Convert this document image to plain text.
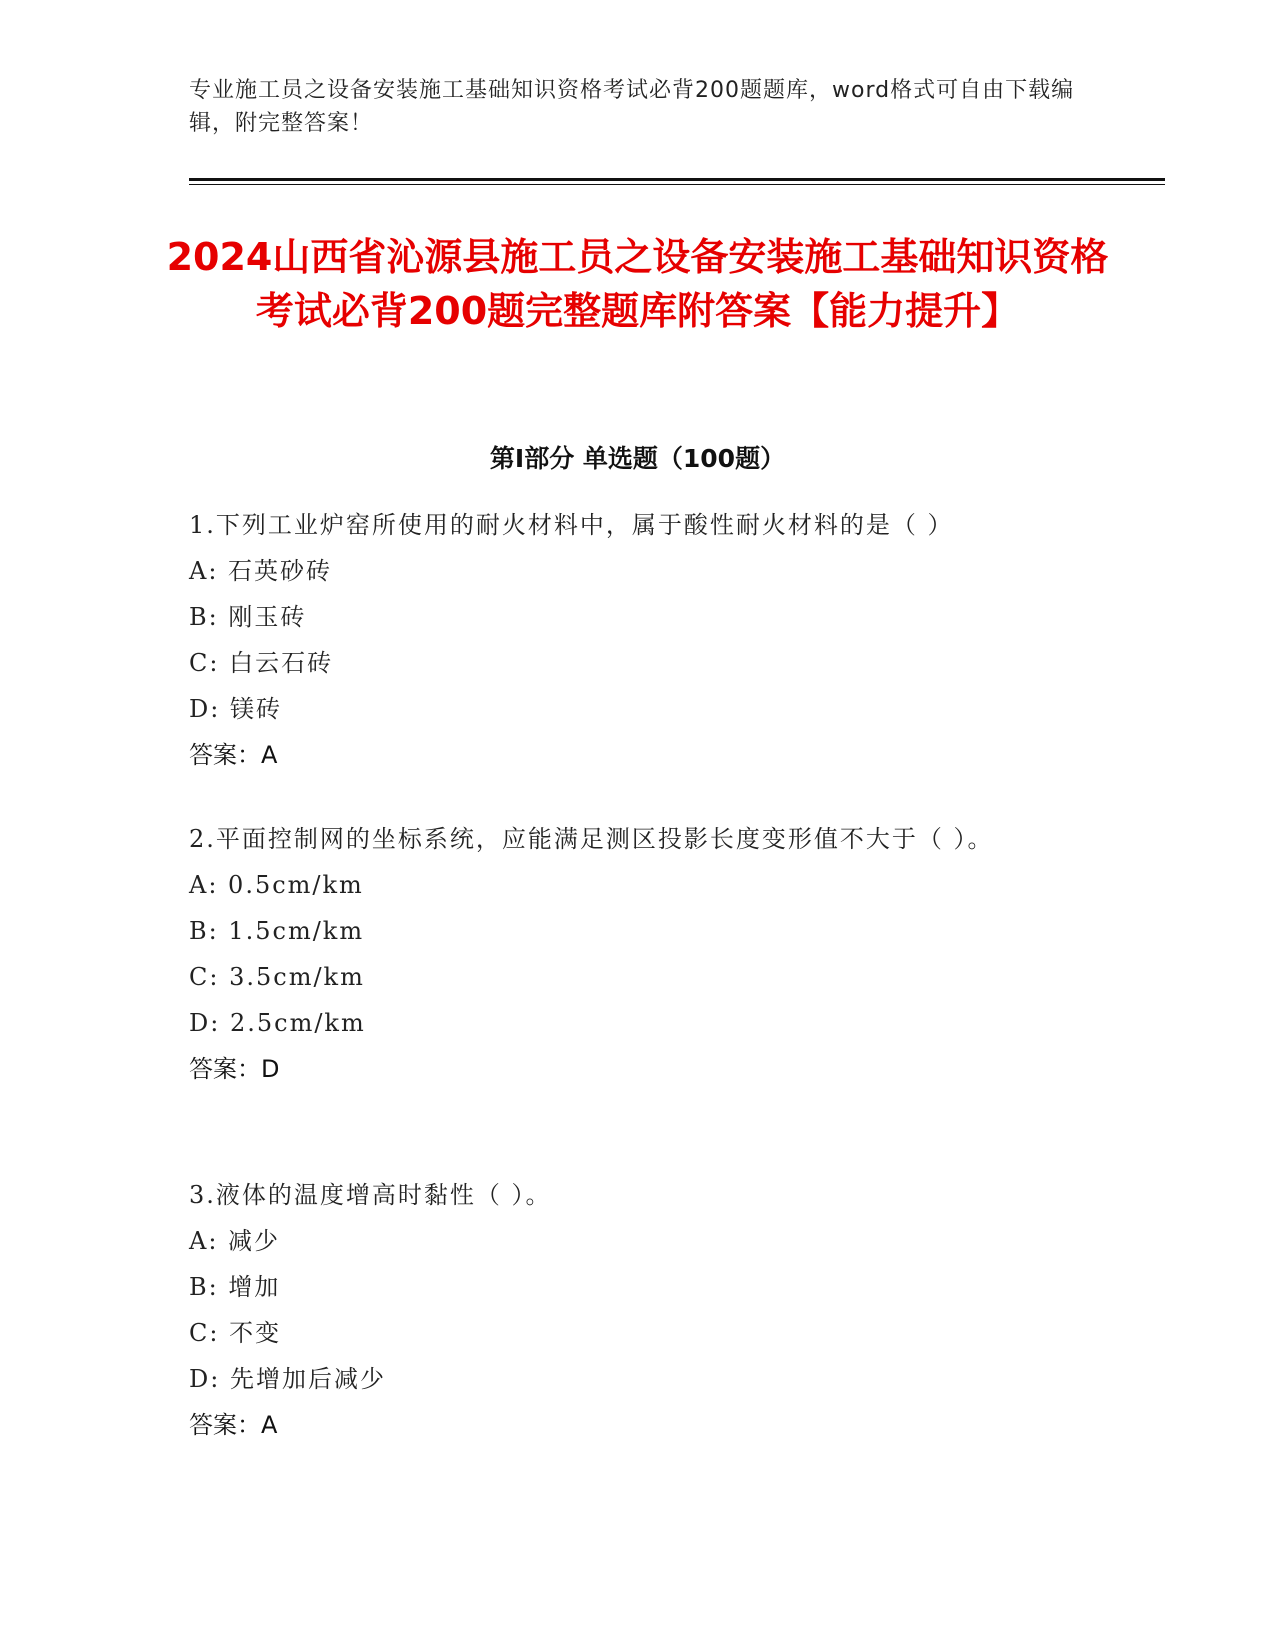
专业施工员之设备安装施工基础知识资格考试必背200题题库，word格式可自由下载编辑，附完整答案！
2024山西省沁源县施工员之设备安装施工基础知识资格考试必背200题完整题库附答案【能力提升】
第I部分 单选题（100题）
1.下列工业炉窑所使用的耐火材料中，属于酸性耐火材料的是（ ）
A: 石英砂砖
B: 刚玉砖
C: 白云石砖
D: 镁砖
答案：A
2.平面控制网的坐标系统，应能满足测区投影长度变形值不大于（ ）。
A: 0.5cm/km
B: 1.5cm/km
C: 3.5cm/km
D: 2.5cm/km
答案：D
3.液体的温度增高时黏性（ ）。
A: 减少
B: 增加
C: 不变
D: 先增加后减少
答案：A
